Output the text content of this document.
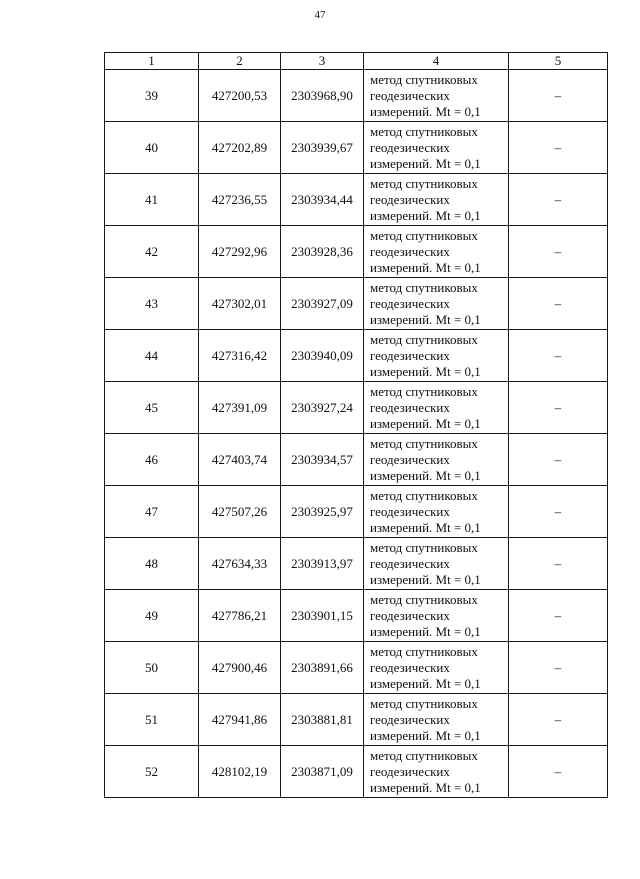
47
1	2	3	4	5
39	427200,53	2303968,90	метод спутниковых
геодезических
измерений. Mt = 0,1	–
40	427202,89	2303939,67	метод спутниковых
геодезических
измерений. Mt = 0,1	–
41	427236,55	2303934,44	метод спутниковых
геодезических
измерений. Mt = 0,1	–
42	427292,96	2303928,36	метод спутниковых
геодезических
измерений. Mt = 0,1	–
43	427302,01	2303927,09	метод спутниковых
геодезических
измерений. Mt = 0,1	–
44	427316,42	2303940,09	метод спутниковых
геодезических
измерений. Mt = 0,1	–
45	427391,09	2303927,24	метод спутниковых
геодезических
измерений. Mt = 0,1	–
46	427403,74	2303934,57	метод спутниковых
геодезических
измерений. Mt = 0,1	–
47	427507,26	2303925,97	метод спутниковых
геодезических
измерений. Mt = 0,1	–
48	427634,33	2303913,97	метод спутниковых
геодезических
измерений. Mt = 0,1	–
49	427786,21	2303901,15	метод спутниковых
геодезических
измерений. Mt = 0,1	–
50	427900,46	2303891,66	метод спутниковых
геодезических
измерений. Mt = 0,1	–
51	427941,86	2303881,81	метод спутниковых
геодезических
измерений. Mt = 0,1	–
52	428102,19	2303871,09	метод спутниковых
геодезических
измерений. Mt = 0,1	–
